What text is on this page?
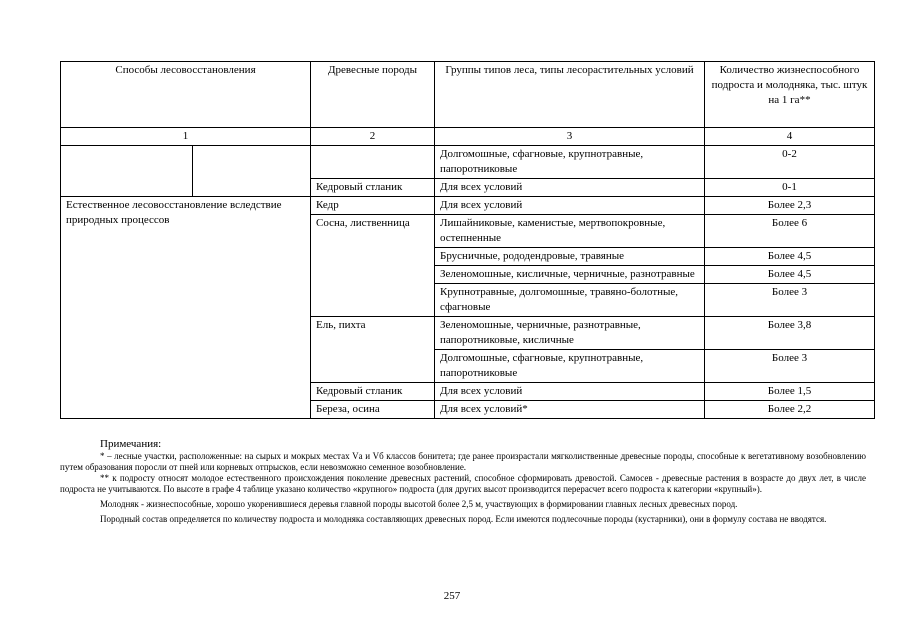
Способы лесовосстановления		Древесные породы	Группы типов леса, типы лесорастительных условий	Количество жизнеспособного подроста и молодняка, тыс. штук на 1 га**
1		2	3	4
			Долгомошные, сфагновые, крупнотравные, папоротниковые	0-2
		Кедровый стланик	Для всех условий	0-1
Естественное лесовосстановление вследствие природных процессов		Кедр	Для всех условий	Более 2,3
		Сосна, лиственница	Лишайниковые, каменистые, мертвопокровные, остепненные	Более 6
			Брусничные, рододендровые, травяные	Более 4,5
			Зеленомошные, кисличные, черничные, разнотравные	Более 4,5
			Крупнотравные, долгомошные, травяно-болотные, сфагновые	Более 3
		Ель, пихта	Зеленомошные, черничные, разнотравные, папоротниковые, кисличные	Более 3,8
			Долгомошные, сфагновые, крупнотравные, папоротниковые	Более 3
		Кедровый стланик	Для всех условий	Более 1,5
		Береза, осина	Для всех условий*	Более 2,2
Примечания:

* – лесные участки, расположенные: на сырых и мокрых местах Vа и Vб классов бонитета; где ранее произрастали мягколиственные древесные породы, способные к вегетативному возобновлению путем образования поросли от пней или корневых отпрысков, если невозможно семенное возобновление.

** к подросту относят молодое естественного происхождения поколение древесных растений, способное сформировать древостой. Самосев - древесные растения в возрасте до двух лет, в числе подроста не учитываются. По высоте в графе 4 таблице указано количество «крупного» подроста (для других высот производится перерасчет всего подроста к категории «крупный»).

Молодняк - жизнеспособные, хорошо укоренившиеся деревья главной породы высотой более 2,5 м, участвующих в формировании главных лесных древесных пород.

Породный состав определяется по количеству подроста и молодняка составляющих древесных пород. Если имеются подлесочные породы (кустарники), они в формулу состава не вводятся.

257
